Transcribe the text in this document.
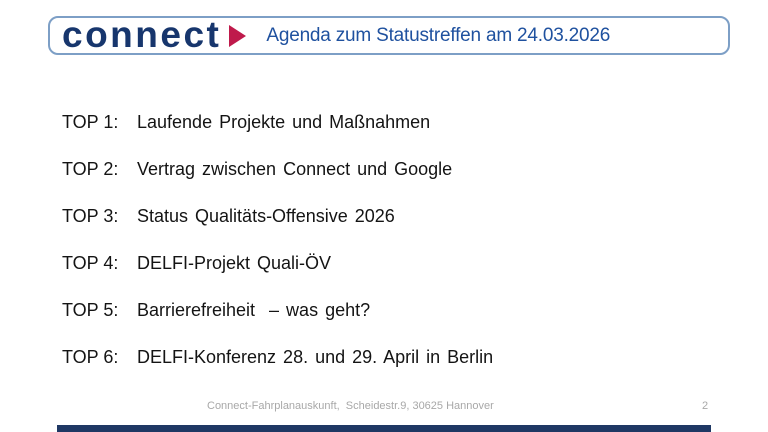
connect Agenda zum Statustreffen am 24.03.2026
TOP 1:	Laufende Projekte und Maßnahmen
TOP 2:	Vertrag zwischen Connect und Google
TOP 3:	Status Qualitäts-Offensive 2026
TOP 4:	DELFI-Projekt Quali-ÖV
TOP 5:	Barrierefreiheit  – was geht?
TOP 6:	DELFI-Konferenz 28. und 29. April in Berlin
Connect-Fahrplanauskunft,  Scheidestr.9, 30625 Hannover	2
